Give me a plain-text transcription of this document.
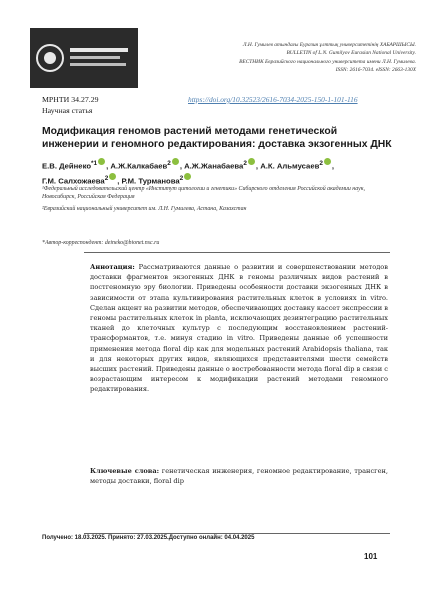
Л.Н. Гумилев атындағы Еуразия ұлттық университетінің ХАБАРШЫСЫ.
BULLETIN of L.N. Gumilyov Eurasian National University.
ВЕСТНИК Евразийского национального университета имени Л.Н. Гумилева.
ISSN: 2616-7034. eISSN: 2663-130X
МРНТИ 34.27.29	https://doi.org/10.32523/2616-7034-2025-150-1-101-116
Научная статья
Модификация геномов растений методами генетической инженерии и геномного редактирования: доставка экзогенных ДНК
Е.В. Дейнеко$^{*1}$ , А.Ж.Калкабаев$^2$ , А.Ж.Жанабаева$^2$ , А.К. Альмусаев$^2$ ,
Г.М. Салхожаева$^2$ , Р.М. Турманова$^2$
¹Федеральный исследовательский центр «Институт цитологии и генетики» Сибирского отделения Российской академии наук, Новосибирск, Российская Федерация
²Евразийский национальный университет им. Л.Н. Гумилева, Астана, Казахстан
*Автор-корреспондент: deineko@bionet.nsc.ru
Аннотация: Рассматриваются данные о развитии и совершенствовании методов доставки фрагментов экзогенных ДНК в геномы различных видов растений в постгеномную эру биологии. Приведены особенности доставки экзогенных ДНК в зависимости от этапа культивирования растительных клеток в условиях in vitro. Сделан акцент на развитии методов, обеспечивающих доставку кассет экспрессии в геномы растительных клеток in planta, исключающих дезинтеграцию растительных тканей до клеточных культур с последующим восстановлением растений-трансформантов, т.е. минуя стадию in vitro. Приведены данные об успешности применения метода floral dip как для модельных растений Arabidopsis thaliana, так и для некоторых других видов, являющихся представителями шести семейств высших растений. Приведены данные о востребованности метода floral dip в связи с возрастающим интересом к модификации растений методами геномного редактирования.
Ключевые слова: генетическая инженерия, геномное редактирование, трансген, методы доставки, floral dip
Получено: 18.03.2025. Принято: 27.03.2025.Доступно онлайн: 04.04.2025
101
